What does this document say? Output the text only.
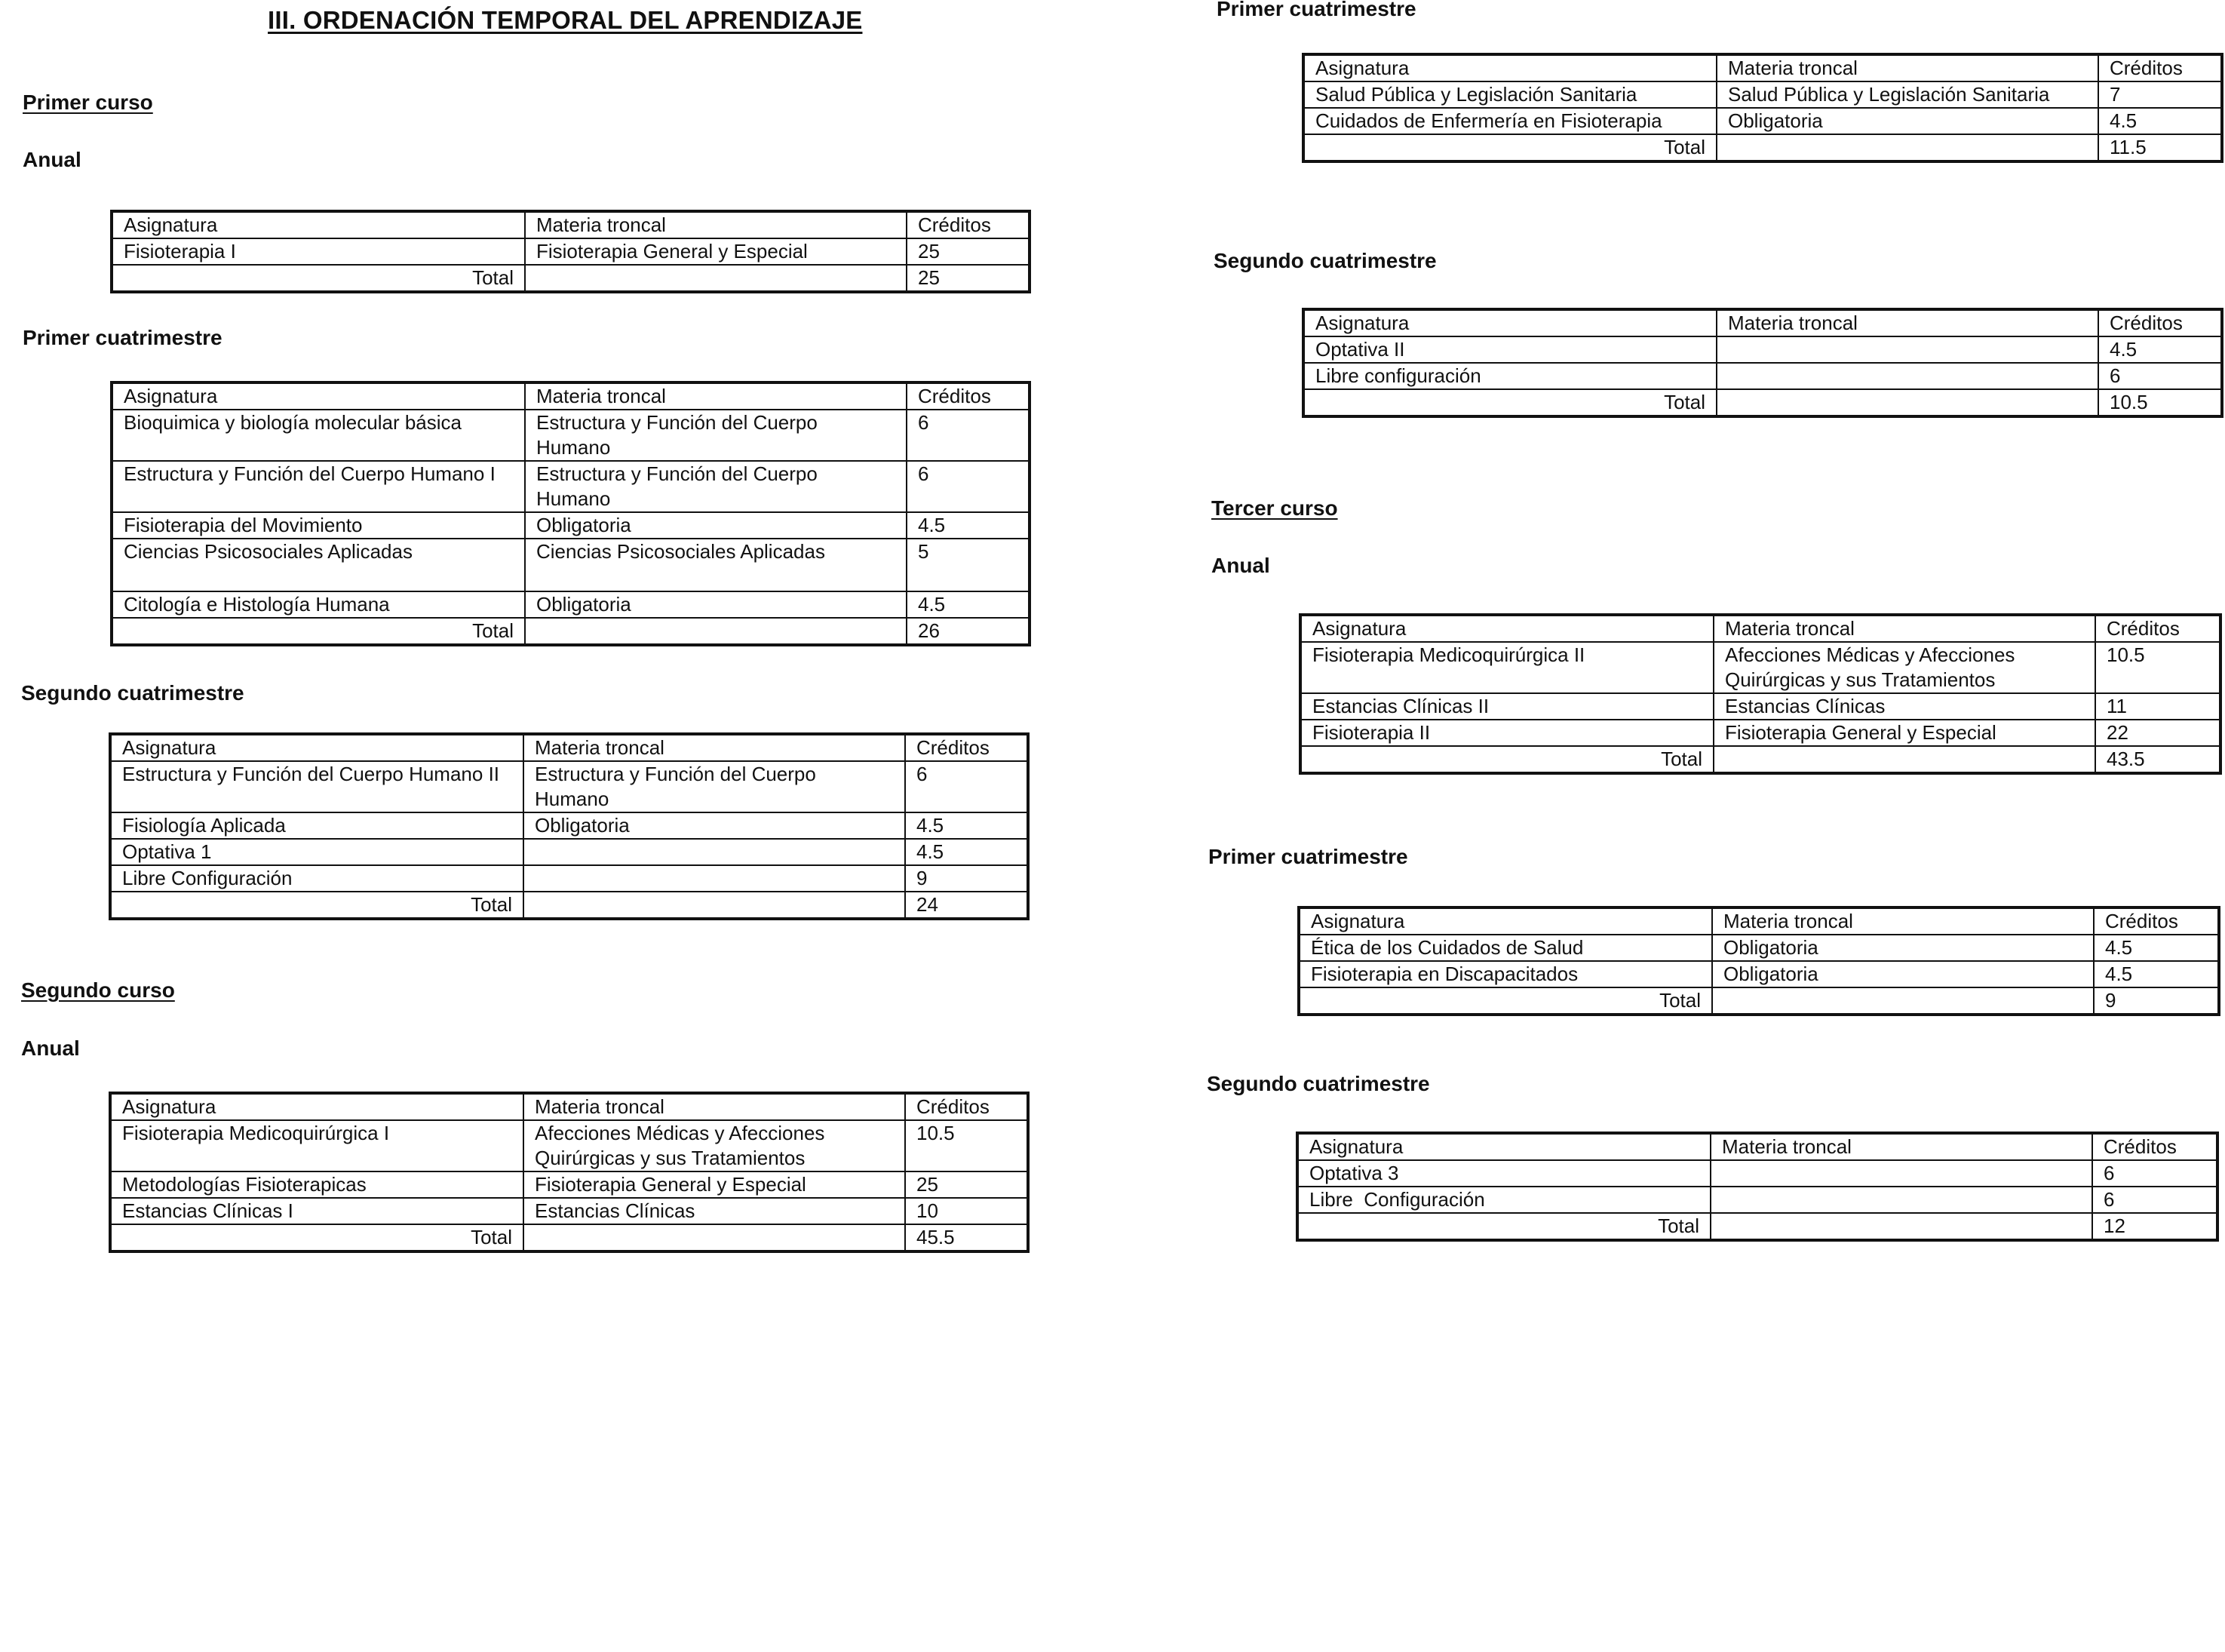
III. ORDENACIÓN TEMPORAL DEL APRENDIZAJE
Primer curso
Anual
Asignatura	Materia troncal	Créditos
Fisioterapia I	Fisioterapia General y Especial	25
Total		25
Primer cuatrimestre
Asignatura	Materia troncal	Créditos
Bioquimica y biología molecular básica	Estructura y Función del Cuerpo Humano	6
Estructura y Función del Cuerpo Humano I	Estructura y Función del Cuerpo Humano	6
Fisioterapia del Movimiento	Obligatoria	4.5
Ciencias Psicosociales Aplicadas	Ciencias Psicosociales Aplicadas	5
Citología e Histología Humana	Obligatoria	4.5
Total		26
Segundo cuatrimestre
Asignatura	Materia troncal	Créditos
Estructura y Función del Cuerpo Humano II	Estructura y Función del Cuerpo Humano	6
Fisiología Aplicada	Obligatoria	4.5
Optativa 1		4.5
Libre Configuración		9
Total		24
Segundo curso
Anual
Asignatura	Materia troncal	Créditos
Fisioterapia Medicoquirúrgica I	Afecciones Médicas y Afecciones Quirúrgicas y sus Tratamientos	10.5
Metodologías Fisioterapicas	Fisioterapia General y Especial	25
Estancias Clínicas I	Estancias Clínicas	10
Total		45.5
Primer cuatrimestre
Asignatura	Materia troncal	Créditos
Salud Pública y Legislación Sanitaria	Salud Pública y Legislación Sanitaria	7
Cuidados de Enfermería en Fisioterapia	Obligatoria	4.5
Total		11.5
Segundo cuatrimestre
Asignatura	Materia troncal	Créditos
Optativa II		4.5
Libre configuración		6
Total		10.5
Tercer curso
Anual
Asignatura	Materia troncal	Créditos
Fisioterapia Medicoquirúrgica II	Afecciones Médicas y Afecciones Quirúrgicas y sus Tratamientos	10.5
Estancias Clínicas II	Estancias Clínicas	11
Fisioterapia II	Fisioterapia General y Especial	22
Total		43.5
Primer cuatrimestre
Asignatura	Materia troncal	Créditos
Ética de los Cuidados de Salud	Obligatoria	4.5
Fisioterapia en Discapacitados	Obligatoria	4.5
Total		9
Segundo cuatrimestre
Asignatura	Materia troncal	Créditos
Optativa 3		6
Libre  Configuración		6
Total		12
